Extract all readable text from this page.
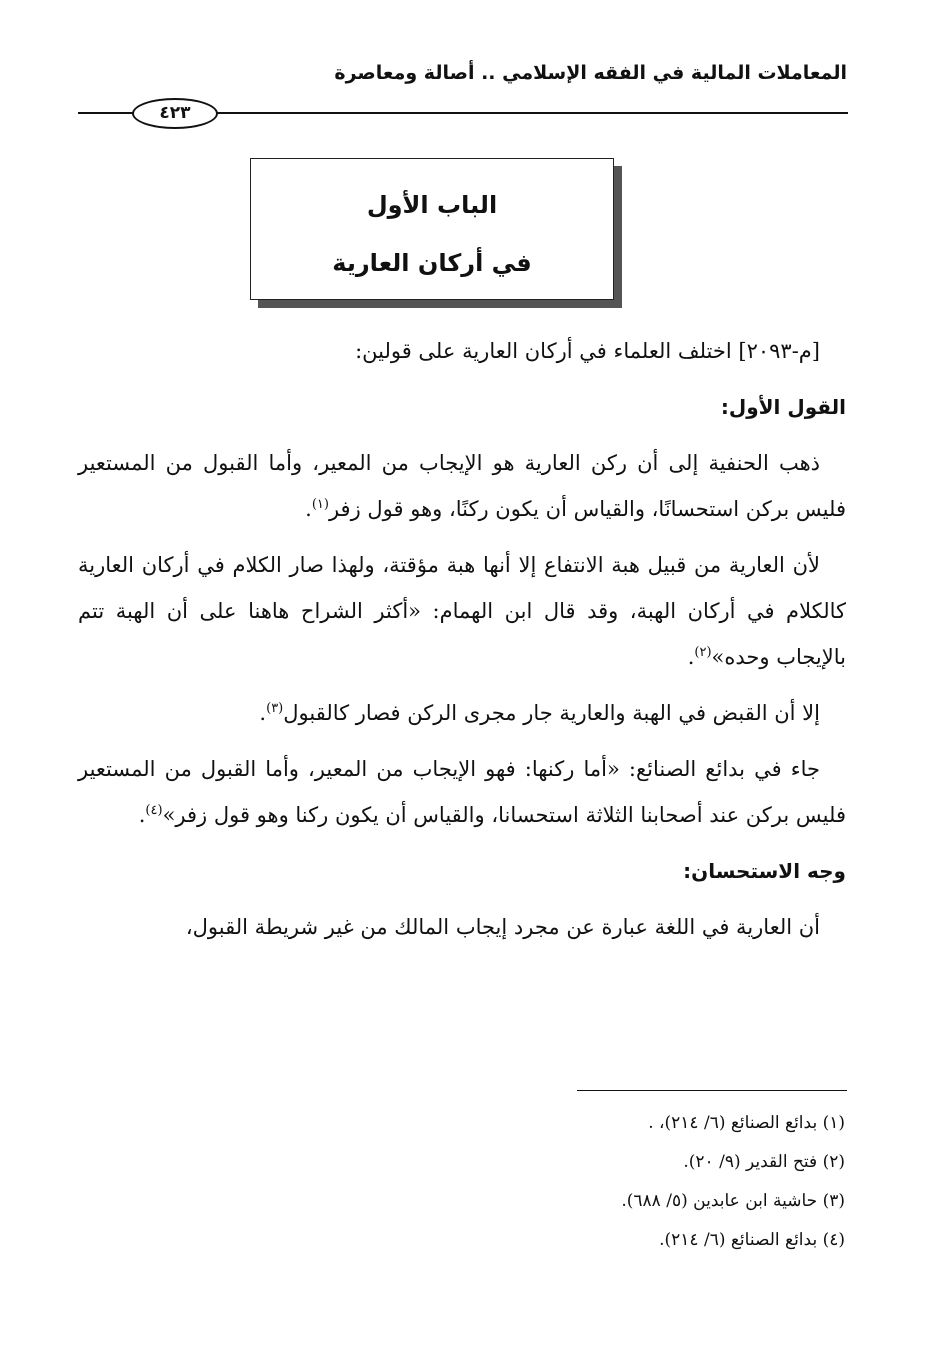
المعاملات المالية في الفقه الإسلامي .. أصالة ومعاصرة
٤٢٣
الباب الأول
في أركان العارية

[م-٢٠٩٣] اختلف العلماء في أركان العارية على قولين:

القول الأول:

ذهب الحنفية إلى أن ركن العارية هو الإيجاب من المعير، وأما القبول من المستعير فليس بركن استحسانًا، والقياس أن يكون ركنًا، وهو قول زفر$^{(١)}$.

لأن العارية من قبيل هبة الانتفاع إلا أنها هبة مؤقتة، ولهذا صار الكلام في أركان العارية كالكلام في أركان الهبة، وقد قال ابن الهمام: «أكثر الشراح هاهنا على أن الهبة تتم بالإيجاب وحده»$^{(٢)}$.

إلا أن القبض في الهبة والعارية جار مجرى الركن فصار كالقبول$^{(٣)}$.

جاء في بدائع الصنائع: «أما ركنها: فهو الإيجاب من المعير، وأما القبول من المستعير فليس بركن عند أصحابنا الثلاثة استحسانا، والقياس أن يكون ركنا وهو قول زفر»$^{(٤)}$.

وجه الاستحسان:

أن العارية في اللغة عبارة عن مجرد إيجاب المالك من غير شريطة القبول،

(١) بدائع الصنائع (٦/ ٢١٤)، .
(٢) فتح القدير (٩/ ٢٠).
(٣) حاشية ابن عابدين (٥/ ٦٨٨).
(٤) بدائع الصنائع (٦/ ٢١٤).
